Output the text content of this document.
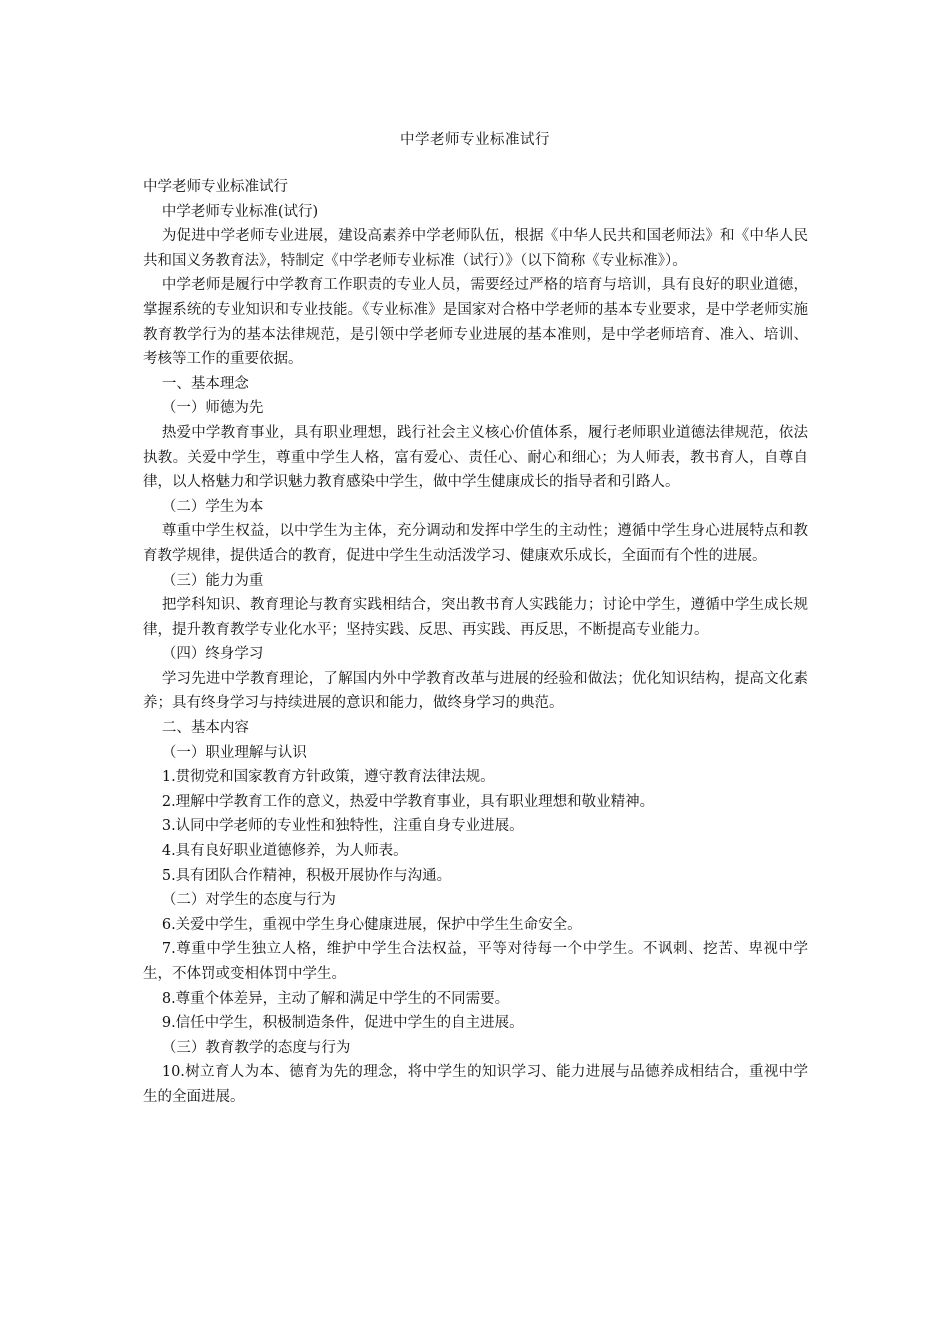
中学老师专业标准试行

中学老师专业标准试行

中学老师专业标准(试行)

为促进中学老师专业进展，建设高素养中学老师队伍，根据《中华人民共和国老师法》和《中华人民共和国义务教育法》，特制定《中学老师专业标准（试行）》（以下简称《专业标准》）。

中学老师是履行中学教育工作职责的专业人员，需要经过严格的培育与培训，具有良好的职业道德，掌握系统的专业知识和专业技能。《专业标准》是国家对合格中学老师的基本专业要求，是中学老师实施教育教学行为的基本法律规范，是引领中学老师专业进展的基本准则，是中学老师培育、准入、培训、考核等工作的重要依据。

一、基本理念

（一）师德为先

热爱中学教育事业，具有职业理想，践行社会主义核心价值体系，履行老师职业道德法律规范，依法执教。关爱中学生，尊重中学生人格，富有爱心、责任心、耐心和细心；为人师表，教书育人，自尊自律，以人格魅力和学识魅力教育感染中学生，做中学生健康成长的指导者和引路人。

（二）学生为本

尊重中学生权益，以中学生为主体，充分调动和发挥中学生的主动性；遵循中学生身心进展特点和教育教学规律，提供适合的教育，促进中学生生动活泼学习、健康欢乐成长，全面而有个性的进展。

（三）能力为重

把学科知识、教育理论与教育实践相结合，突出教书育人实践能力；讨论中学生，遵循中学生成长规律，提升教育教学专业化水平；坚持实践、反思、再实践、再反思，不断提高专业能力。

（四）终身学习

学习先进中学教育理论，了解国内外中学教育改革与进展的经验和做法；优化知识结构，提高文化素养；具有终身学习与持续进展的意识和能力，做终身学习的典范。

二、基本内容

（一）职业理解与认识

1.贯彻党和国家教育方针政策，遵守教育法律法规。

2.理解中学教育工作的意义，热爱中学教育事业，具有职业理想和敬业精神。

3.认同中学老师的专业性和独特性，注重自身专业进展。

4.具有良好职业道德修养，为人师表。

5.具有团队合作精神，积极开展协作与沟通。

（二）对学生的态度与行为

6.关爱中学生，重视中学生身心健康进展，保护中学生生命安全。

7.尊重中学生独立人格，维护中学生合法权益，平等对待每一个中学生。不讽刺、挖苦、卑视中学生，不体罚或变相体罚中学生。

8.尊重个体差异，主动了解和满足中学生的不同需要。

9.信任中学生，积极制造条件，促进中学生的自主进展。

（三）教育教学的态度与行为

10.树立育人为本、德育为先的理念，将中学生的知识学习、能力进展与品德养成相结合，重视中学生的全面进展。
